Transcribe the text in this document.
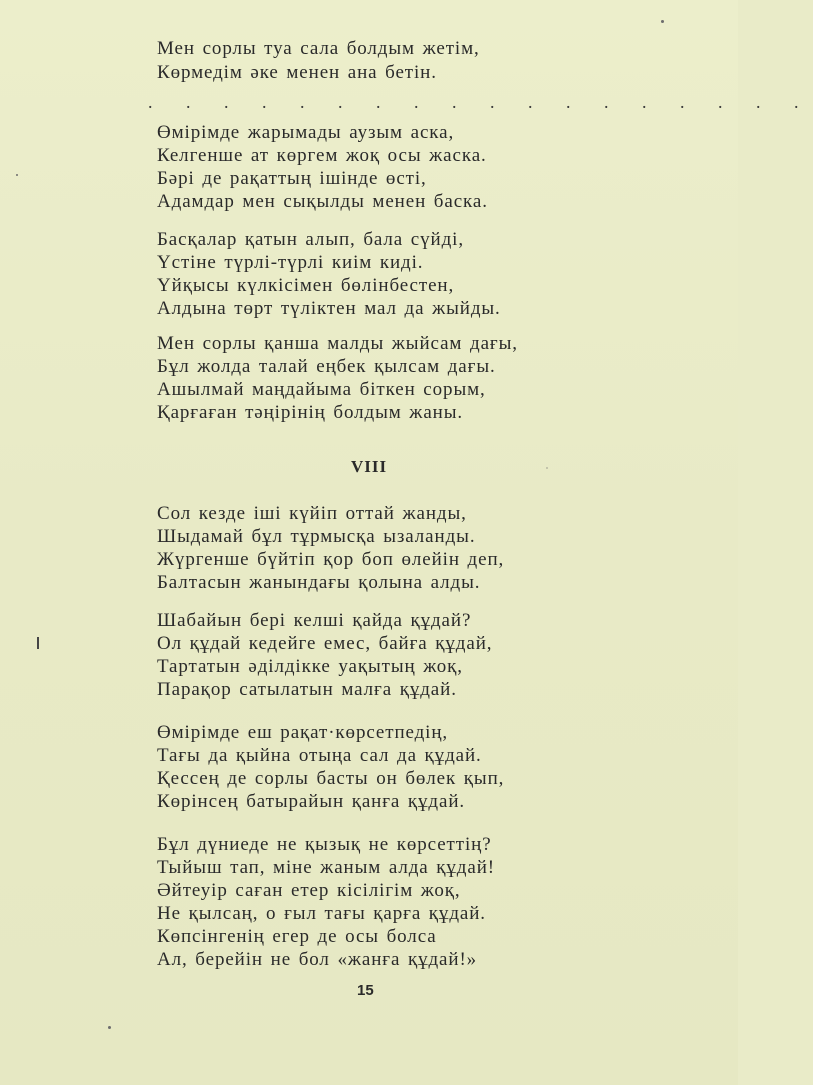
Мен сорлы туа сала болдым жетім,
Көрмедім әке менен ана бетін.
. . . . . . . . . . . . . . . . . .
Өмірімде жарымады аузым аска,
Келгенше ат көргем жоқ осы жаска.
Бәрі де рақаттың ішінде өсті,
Адамдар мен сықылды менен баска.
Басқалар қатын алып, бала сүйді,
Үстіне түрлі-түрлі киім киді.
Үйқысы күлкісімен бөлінбестен,
Алдына төрт түліктен мал да жыйды.
Мен сорлы қанша малды жыйсам дағы,
Бұл жолда талай еңбек қылсам дағы.
Ашылмай маңдайыма біткен сорым,
Қарғаған тәңірінің болдым жаны.
VIII
Сол кезде іші күйіп оттай жанды,
Шыдамай бұл тұрмысқа ызаланды.
Жүргенше бүйтіп қор боп өлейін деп,
Балтасын жанындағы қолына алды.
Шабайын бері келші қайда құдай?
Ол құдай кедейге емес, байға құдай,
Тартатын әділдікке уақытың жоқ,
Парақор сатылатын малға құдай.
Өмірімде еш рақат·көрсетпедің,
Тағы да қыйна отыңа сал да құдай.
Қессең де сорлы басты он бөлек қып,
Көрінсең батырайын қанға құдай.
Бұл дүниеде не қызық не көрсеттің?
Тыйыш тап, міне жаным алда құдай!
Әйтеуір саған етер кісілігім жоқ,
Не қылсаң, о ғыл тағы қарға құдай.
Көпсінгенің егер де осы болса
Ал, берейін не бол «жанға құдай!»
15
